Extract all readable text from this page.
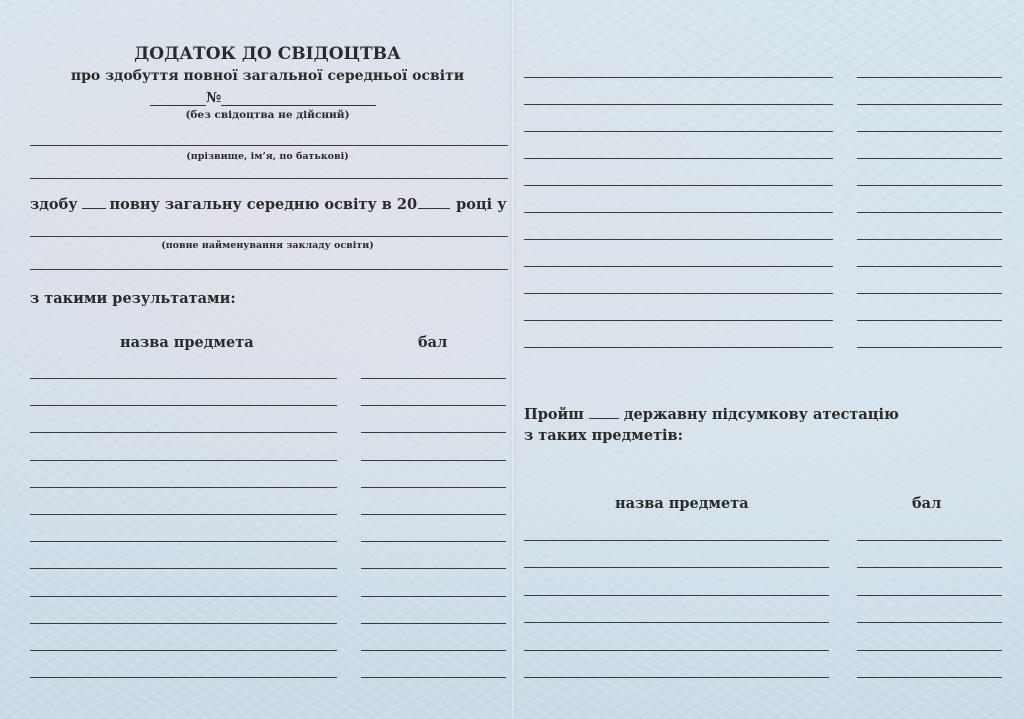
ДОДАТОК ДО СВІДОЦТВА
про здобуття повної загальної середньої освіти
№
(без свідоцтва не дійсний)
(прізвище, ім’я, по батькові)
здобу повну загальну середню освіту в 20	році у
(повне найменування закладу освіти)
з такими результатами:
назва предмета	бал
Пройш	державну підсумкову атестацію
з таких предметів:
назва предмета	бал
